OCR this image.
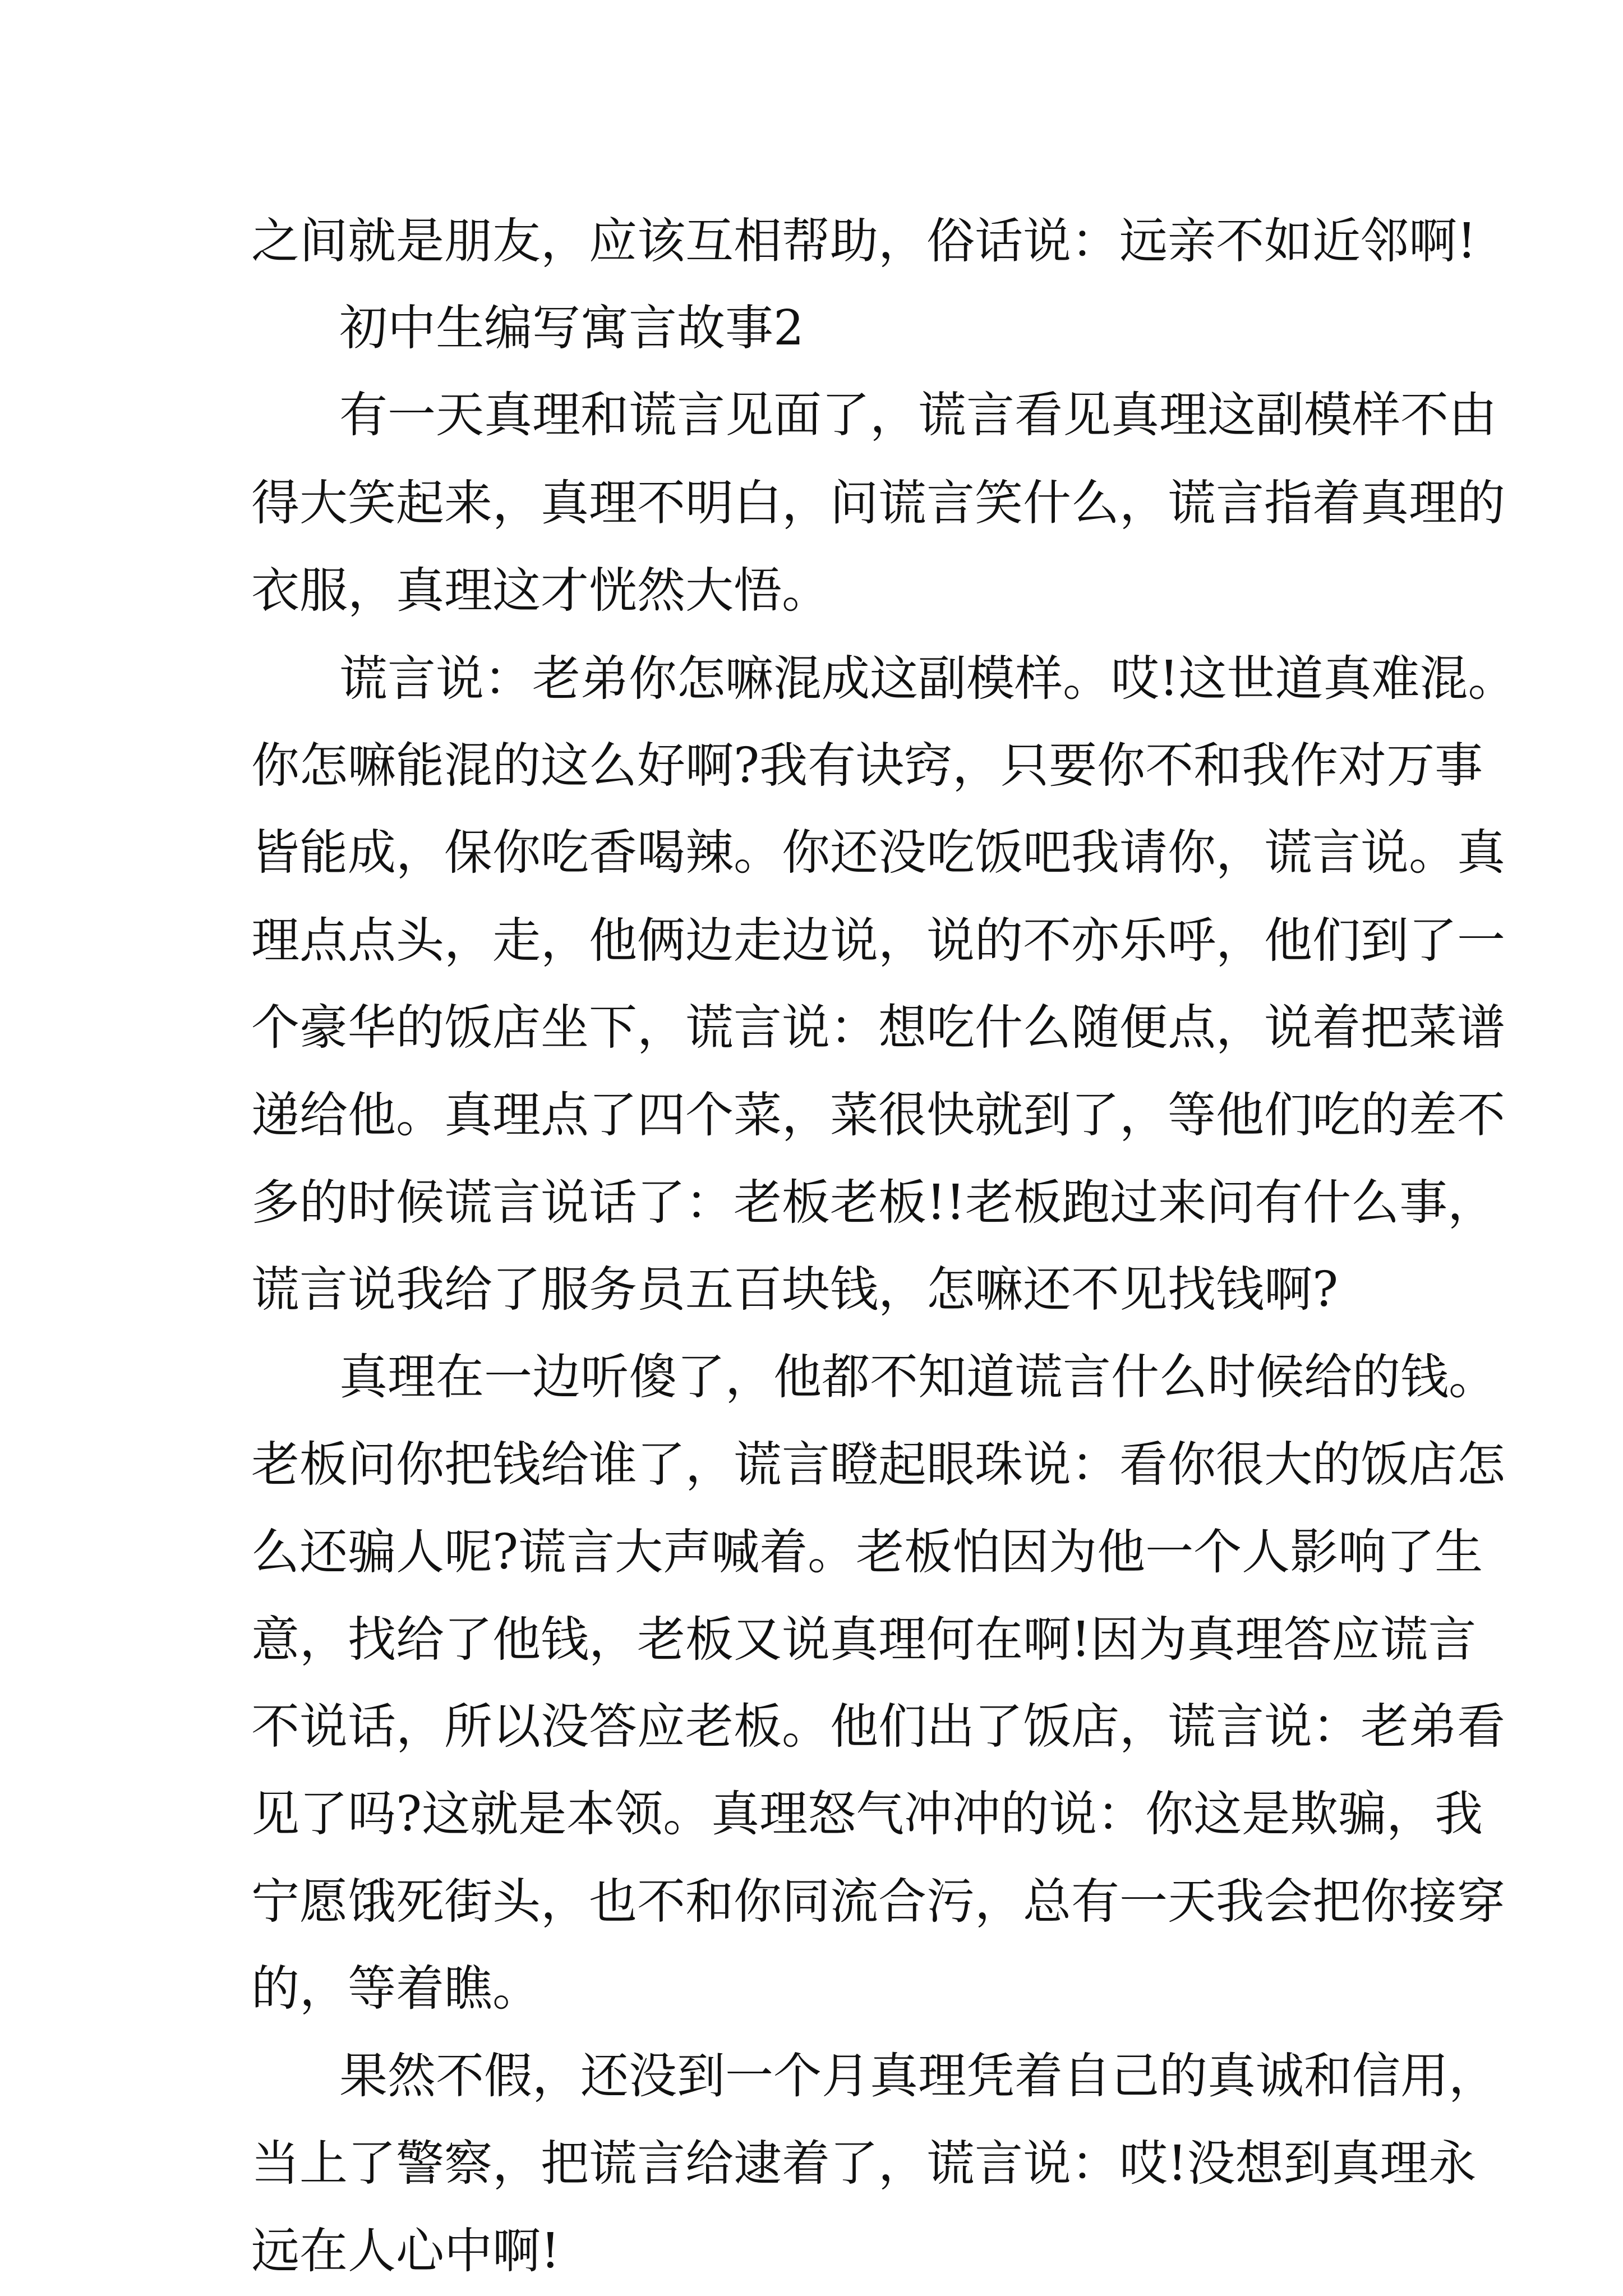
之间就是朋友，应该互相帮助，俗话说：远亲不如近邻啊!
初中生编写寓言故事2
有一天真理和谎言见面了，谎言看见真理这副模样不由
得大笑起来，真理不明白，问谎言笑什么，谎言指着真理的
衣服，真理这才恍然大悟。
谎言说：老弟你怎嘛混成这副模样。哎!这世道真难混。
你怎嘛能混的这么好啊?我有诀窍，只要你不和我作对万事
皆能成，保你吃香喝辣。你还没吃饭吧我请你，谎言说。真
理点点头，走，他俩边走边说，说的不亦乐呼，他们到了一
个豪华的饭店坐下，谎言说：想吃什么随便点，说着把菜谱
递给他。真理点了四个菜，菜很快就到了，等他们吃的差不
多的时候谎言说话了：老板老板!!老板跑过来问有什么事，
谎言说我给了服务员五百块钱，怎嘛还不见找钱啊?
真理在一边听傻了，他都不知道谎言什么时候给的钱。
老板问你把钱给谁了，谎言瞪起眼珠说：看你很大的饭店怎
么还骗人呢?谎言大声喊着。老板怕因为他一个人影响了生
意，找给了他钱，老板又说真理何在啊!因为真理答应谎言
不说话，所以没答应老板。他们出了饭店，谎言说：老弟看
见了吗?这就是本领。真理怒气冲冲的说：你这是欺骗，我
宁愿饿死街头，也不和你同流合污，总有一天我会把你接穿
的，等着瞧。
果然不假，还没到一个月真理凭着自己的真诚和信用，
当上了警察，把谎言给逮着了，谎言说：哎!没想到真理永
远在人心中啊!
